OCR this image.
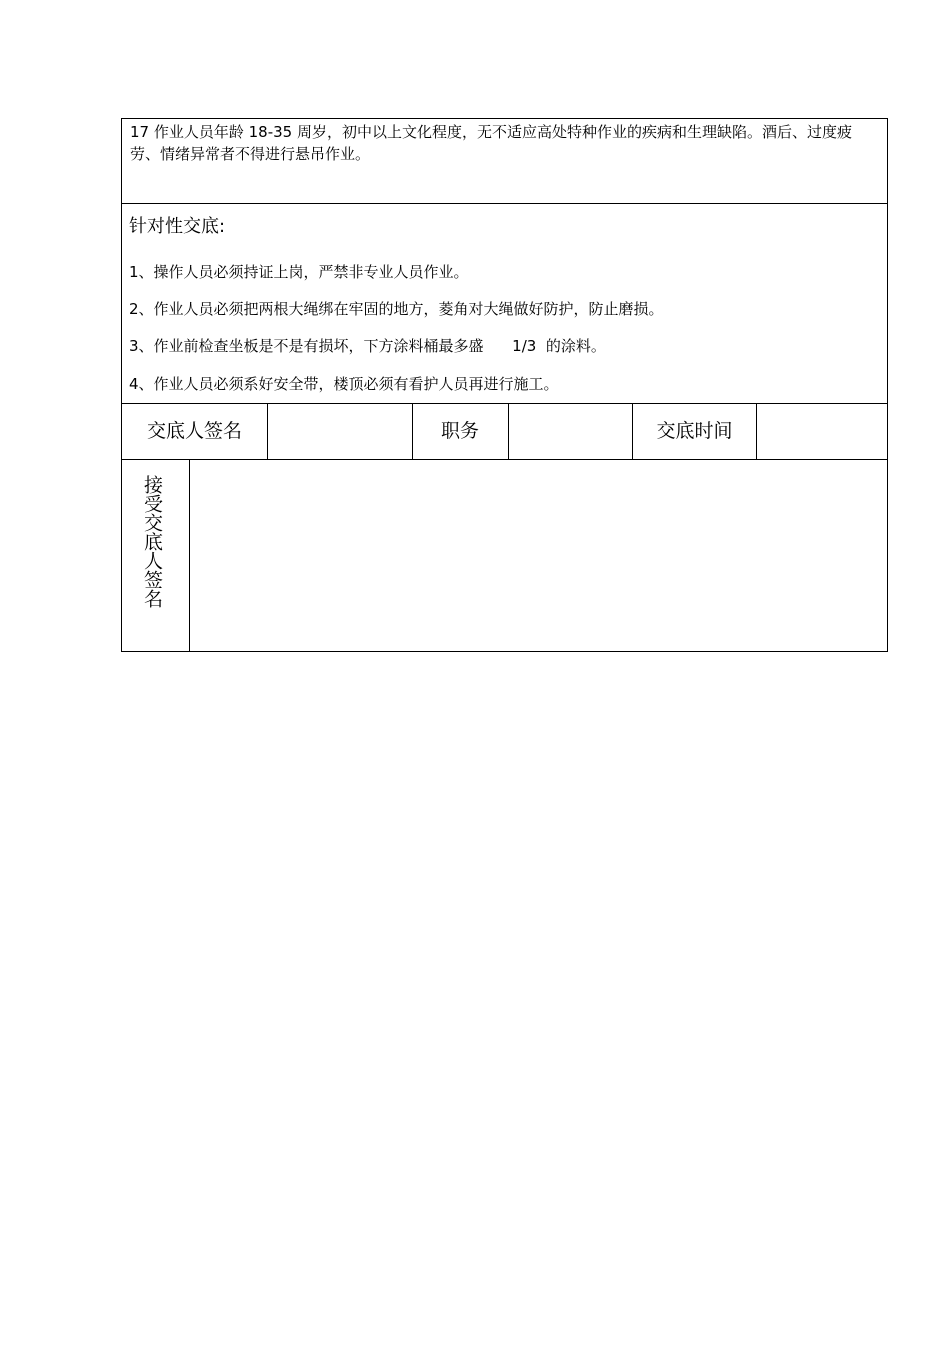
17 作业人员年龄 18-35 周岁，初中以上文化程度，无不适应高处特种作业的疾病和生理缺陷。酒后、过度疲劳、情绪异常者不得进行悬吊作业。
针对性交底:
1、操作人员必须持证上岗，严禁非专业人员作业。
2、作业人员必须把两根大绳绑在牢固的地方，菱角对大绳做好防护，防止磨损。
3、作业前检查坐板是不是有损坏，下方涂料桶最多盛      1/3  的涂料。
4、作业人员必须系好安全带，楼顶必须有看护人员再进行施工。
交底人签名	职务	交底时间
接受交底人签名
